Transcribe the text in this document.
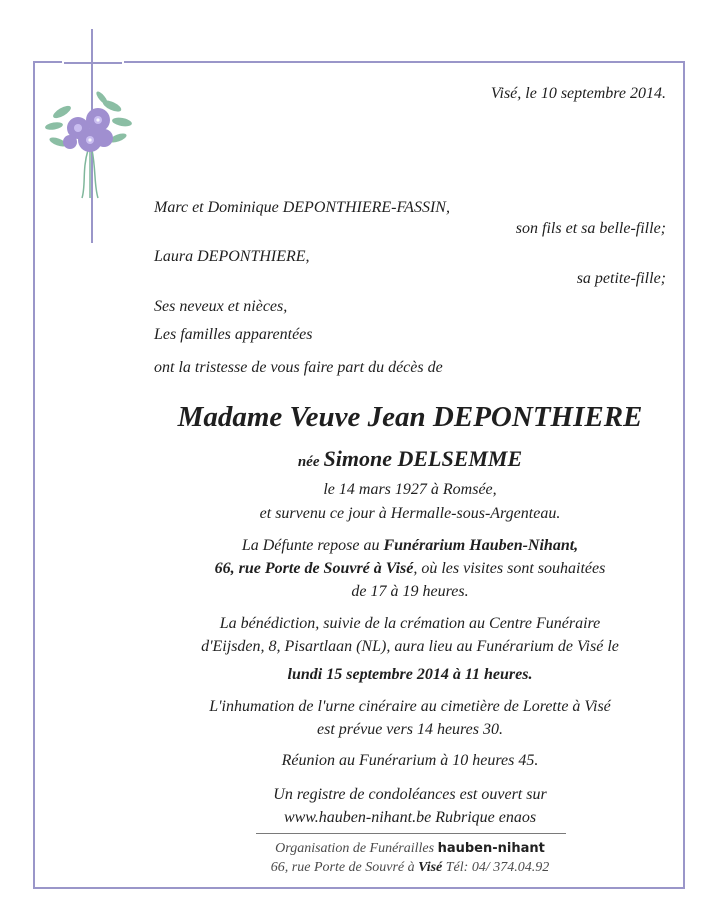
Visé, le 10 septembre 2014.
Marc et Dominique DEPONTHIERE-FASSIN,
son fils et sa belle-fille;
Laura DEPONTHIERE,
sa petite-fille;
Ses neveux et nièces,
Les familles apparentées
ont la tristesse de vous faire part du décès de
Madame Veuve Jean DEPONTHIERE
née Simone DELSEMME
le 14 mars 1927 à Romsée,
et survenu ce jour à Hermalle-sous-Argenteau.
La Défunte repose au Funérarium Hauben-Nihant,
66, rue Porte de Souvré à Visé, où les visites sont souhaitées
de 17 à 19 heures.
La bénédiction, suivie de la crémation au Centre Funéraire
d'Eijsden, 8, Pisartlaan (NL), aura lieu au Funérarium de Visé le
lundi 15 septembre 2014 à 11 heures.
L'inhumation de l'urne cinéraire au cimetière de Lorette à Visé
est prévue vers 14 heures 30.
Réunion au Funérarium à 10 heures 45.
Un registre de condoléances est ouvert sur
www.hauben-nihant.be Rubrique enaos
Organisation de Funérailles hauben-nihant
66, rue Porte de Souvré à Visé Tél: 04/ 374.04.92
